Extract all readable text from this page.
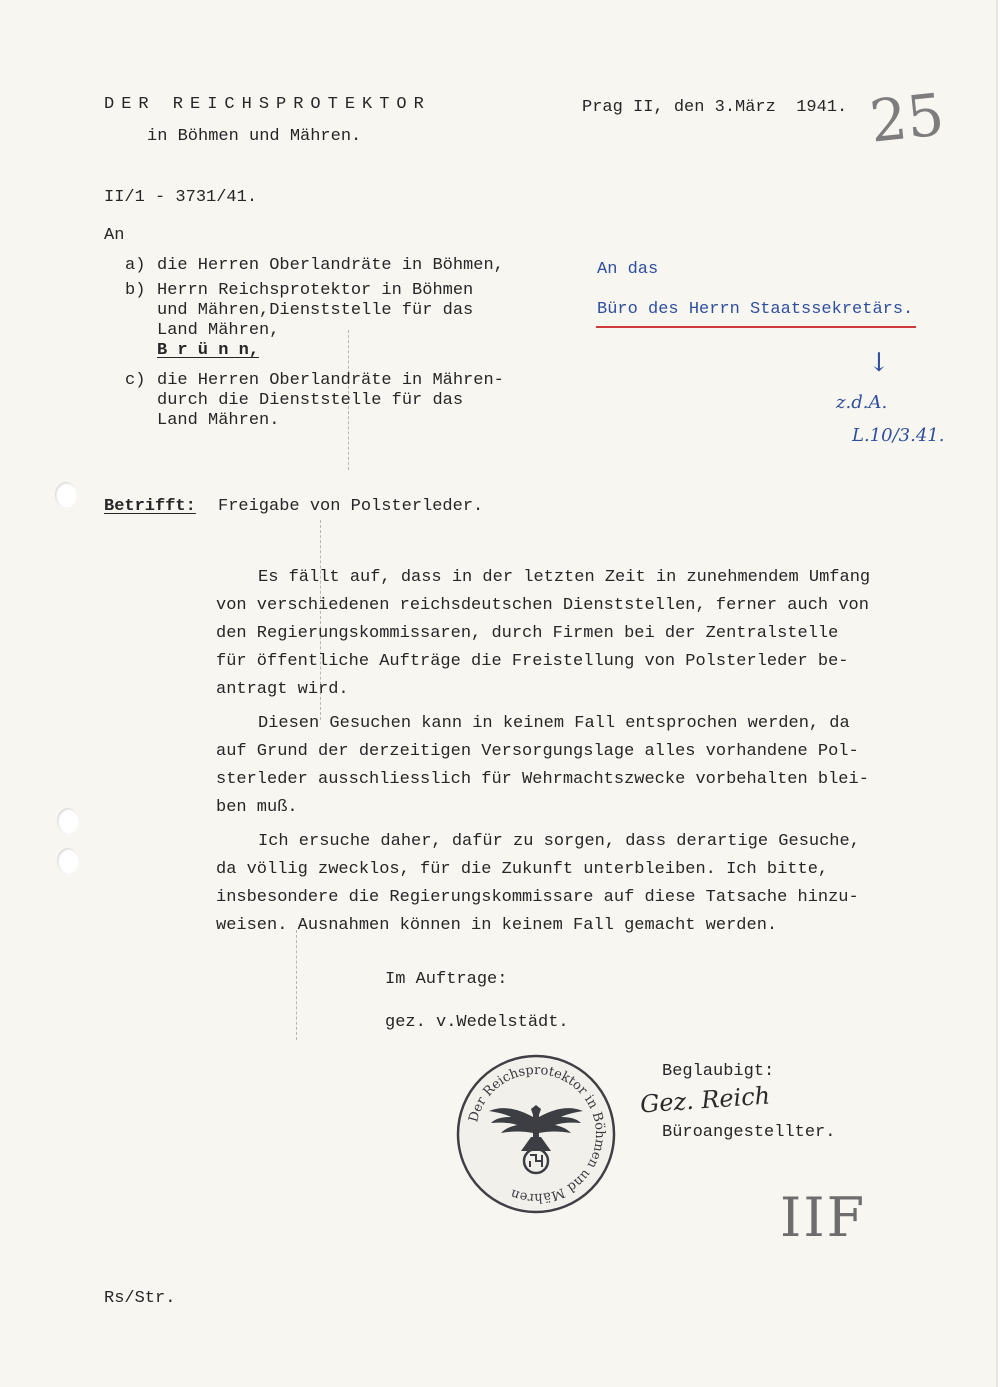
DER REICHSPROTEKTOR
in Böhmen und Mähren.
Prag II, den 3.März  1941. 25
II/1 - 3731/41.
An
a) die Herren Oberlandräte in Böhmen,
b) Herrn Reichsprotektor in Böhmen
und Mähren,Dienststelle für das
Land Mähren,
B r ü n n,
c) die Herren Oberlandräte in Mähren-
durch die Dienststelle für das
Land Mähren.
An das
Büro des Herrn Staatssekretärs.
↓
z.d.A.
L.10/3.41.
Betrifft: Freigabe von Polsterleder.
Es fällt auf, dass in der letzten Zeit in zunehmendem Umfang
von verschiedenen reichsdeutschen Dienststellen, ferner auch von
den Regierungskommissaren, durch Firmen bei der Zentralstelle
für öffentliche Aufträge die Freistellung von Polsterleder be-
antragt wird.
Diesen Gesuchen kann in keinem Fall entsprochen werden, da
auf Grund der derzeitigen Versorgungslage alles vorhandene Pol-
sterleder ausschliesslich für Wehrmachtszwecke vorbehalten blei-
ben muß.
Ich ersuche daher, dafür zu sorgen, dass derartige Gesuche,
da völlig zwecklos, für die Zukunft unterbleiben. Ich bitte,
insbesondere die Regierungskommissare auf diese Tatsache hinzu-
weisen. Ausnahmen können in keinem Fall gemacht werden.
Im Auftrage:
gez. v.Wedelstädt.
Der Reichsprotektor in Böhmen und Mähren
Beglaubigt:
Gez. Reich
Büroangestellter.
IIF
Rs/Str.
